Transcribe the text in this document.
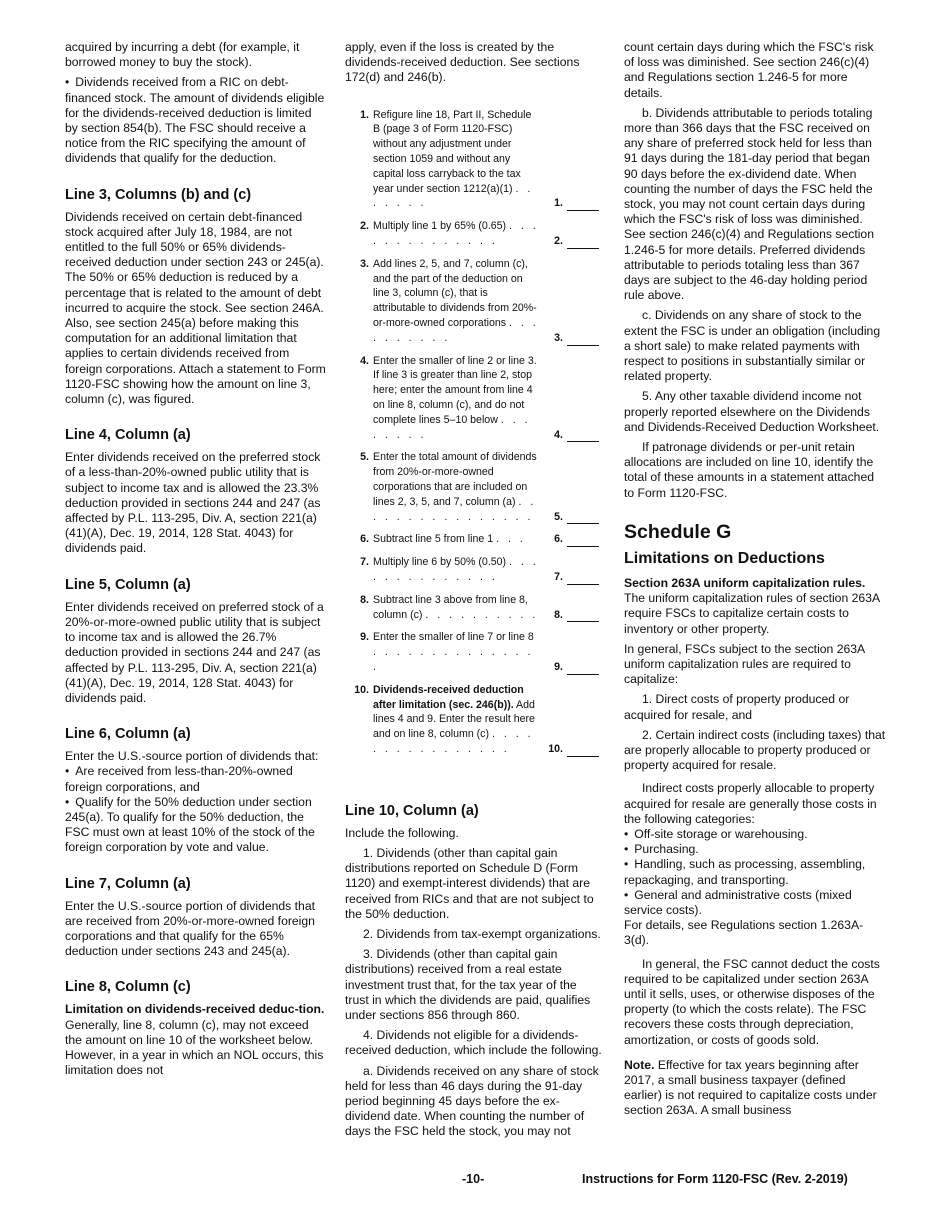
acquired by incurring a debt (for example, it borrowed money to buy the stock).

• Dividends received from a RIC on debt-financed stock. The amount of dividends eligible for the dividends-received deduction is limited by section 854(b). The FSC should receive a notice from the RIC specifying the amount of dividends that qualify for the deduction.

Line 3, Columns (b) and (c)

Dividends received on certain debt-financed stock acquired after July 18, 1984, are not entitled to the full 50% or 65% dividends-received deduction under section 243 or 245(a). The 50% or 65% deduction is reduced by a percentage that is related to the amount of debt incurred to acquire the stock. See section 246A. Also, see section 245(a) before making this computation for an additional limitation that applies to certain dividends received from foreign corporations. Attach a statement to Form 1120-FSC showing how the amount on line 3, column (c), was figured.

Line 4, Column (a)

Enter dividends received on the preferred stock of a less-than-20%-owned public utility that is subject to income tax and is allowed the 23.3% deduction provided in sections 244 and 247 (as affected by P.L. 113-295, Div. A, section 221(a)(41)(A), Dec. 19, 2014, 128 Stat. 4043) for dividends paid.

Line 5, Column (a)

Enter dividends received on preferred stock of a 20%-or-more-owned public utility that is subject to income tax and is allowed the 26.7% deduction provided in sections 244 and 247 (as affected by P.L. 113-295, Div. A, section 221(a)(41)(A), Dec. 19, 2014, 128 Stat. 4043) for dividends paid.

Line 6, Column (a)

Enter the U.S.-source portion of dividends that:

• Are received from less-than-20%-owned foreign corporations, and

• Qualify for the 50% deduction under section 245(a). To qualify for the 50% deduction, the FSC must own at least 10% of the stock of the foreign corporation by vote and value.

Line 7, Column (a)

Enter the U.S.-source portion of dividends that are received from 20%-or-more-owned foreign corporations and that qualify for the 65% deduction under sections 243 and 245(a).

Line 8, Column (c)

Limitation on dividends-received deduc-tion. Generally, line 8, column (c), may not exceed the amount on line 10 of the worksheet below. However, in a year in which an NOL occurs, this limitation does not

apply, even if the loss is created by the dividends-received deduction. See sections 172(d) and 246(b).

1. Refigure line 18, Part II, Schedule B (page 3 of Form 1120-FSC) without any adjustment under section 1059 and without any capital loss carryback to the tax year under section 1212(a)(1) . . . . . . .	1.
2. Multiply line 1 by 65% (0.65) . . . . . . . . . . . . . .	2.
3. Add lines 2, 5, and 7, column (c), and the part of the deduction on line 3, column (c), that is attributable to dividends from 20%-or-more-owned corporations . . . . . . . . . .	3.
4. Enter the smaller of line 2 or line 3. If line 3 is greater than line 2, stop here; enter the amount from line 4 on line 8, column (c), and do not complete lines 5–10 below . . . . . . . .	4.
5. Enter the total amount of dividends from 20%-or-more-owned corporations that are included on lines 2, 3, 5, and 7, column (a) . . . . . . . . . . . . . . . .	5.
6. Subtract line 5 from line 1 . . .	6.
7. Multiply line 6 by 50% (0.50) . . . . . . . . . . . . . .	7.
8. Subtract line 3 above from line 8, column (c) . . . . . . . . . .	8.
9. Enter the smaller of line 7 or line 8 . . . . . . . . . . . . . . .	9.
10. Dividends-received deduction after limitation (sec. 246(b)). Add lines 4 and 9. Enter the result here and on line 8, column (c) . . . . . . . . . . . . . . . .	10.
Line 10, Column (a)

Include the following.

1. Dividends (other than capital gain distributions reported on Schedule D (Form 1120) and exempt-interest dividends) that are received from RICs and that are not subject to the 50% deduction.

2. Dividends from tax-exempt organizations.

3. Dividends (other than capital gain distributions) received from a real estate investment trust that, for the tax year of the trust in which the dividends are paid, qualifies under sections 856 through 860.

4. Dividends not eligible for a dividends-received deduction, which include the following.

a. Dividends received on any share of stock held for less than 46 days during the 91-day period beginning 45 days before the ex-dividend date. When counting the number of days the FSC held the stock, you may not

count certain days during which the FSC's risk of loss was diminished. See section 246(c)(4) and Regulations section 1.246-5 for more details.

b. Dividends attributable to periods totaling more than 366 days that the FSC received on any share of preferred stock held for less than 91 days during the 181-day period that began 90 days before the ex-dividend date. When counting the number of days the FSC held the stock, you may not count certain days during which the FSC's risk of loss was diminished. See section 246(c)(4) and Regulations section 1.246-5 for more details. Preferred dividends attributable to periods totaling less than 367 days are subject to the 46-day holding period rule above.

c. Dividends on any share of stock to the extent the FSC is under an obligation (including a short sale) to make related payments with respect to positions in substantially similar or related property.

5. Any other taxable dividend income not properly reported elsewhere on the Dividends and Dividends-Received Deduction Worksheet.

If patronage dividends or per-unit retain allocations are included on line 10, identify the total of these amounts in a statement attached to Form 1120-FSC.

Schedule G
Limitations on Deductions

Section 263A uniform capitalization rules. The uniform capitalization rules of section 263A require FSCs to capitalize certain costs to inventory or other property.

In general, FSCs subject to the section 263A uniform capitalization rules are required to capitalize:

1. Direct costs of property produced or acquired for resale, and

2. Certain indirect costs (including taxes) that are properly allocable to property produced or property acquired for resale.

Indirect costs properly allocable to property acquired for resale are generally those costs in the following categories:

• Off-site storage or warehousing.

• Purchasing.

• Handling, such as processing, assembling, repackaging, and transporting.

• General and administrative costs (mixed service costs).

For details, see Regulations section 1.263A-3(d).

In general, the FSC cannot deduct the costs required to be capitalized under section 263A until it sells, uses, or otherwise disposes of the property (to which the costs relate). The FSC recovers these costs through depreciation, amortization, or costs of goods sold.

Note. Effective for tax years beginning after 2017, a small business taxpayer (defined earlier) is not required to capitalize costs under section 263A. A small business

-10-	Instructions for Form 1120-FSC (Rev. 2-2019)
